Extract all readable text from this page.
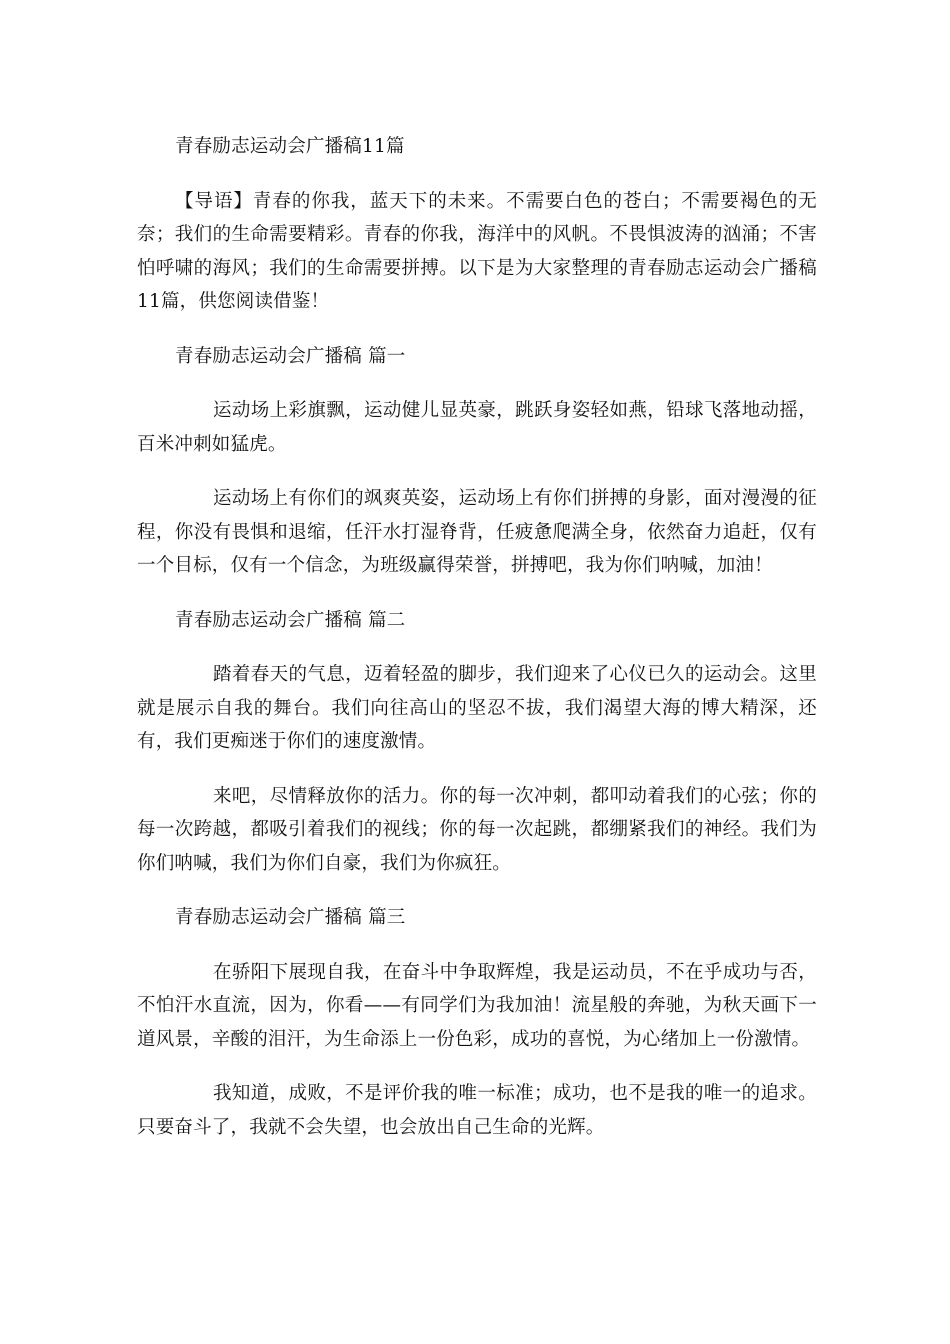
青春励志运动会广播稿11篇

【导语】青春的你我，蓝天下的未来。不需要白色的苍白；不需要褐色的无奈；我们的生命需要精彩。青春的你我，海洋中的风帆。不畏惧波涛的汹涌；不害怕呼啸的海风；我们的生命需要拼搏。以下是为大家整理的青春励志运动会广播稿11篇，供您阅读借鉴！

青春励志运动会广播稿 篇一

运动场上彩旗飘，运动健儿显英豪，跳跃身姿轻如燕，铅球飞落地动摇，百米冲刺如猛虎。

运动场上有你们的飒爽英姿，运动场上有你们拼搏的身影，面对漫漫的征程，你没有畏惧和退缩，任汗水打湿脊背，任疲惫爬满全身，依然奋力追赶，仅有一个目标，仅有一个信念，为班级赢得荣誉，拼搏吧，我为你们呐喊，加油！

青春励志运动会广播稿 篇二

踏着春天的气息，迈着轻盈的脚步，我们迎来了心仪已久的运动会。这里就是展示自我的舞台。我们向往高山的坚忍不拔，我们渴望大海的博大精深，还有，我们更痴迷于你们的速度激情。

来吧，尽情释放你的活力。你的每一次冲刺，都叩动着我们的心弦；你的每一次跨越，都吸引着我们的视线；你的每一次起跳，都绷紧我们的神经。我们为你们呐喊，我们为你们自豪，我们为你疯狂。

青春励志运动会广播稿 篇三

在骄阳下展现自我，在奋斗中争取辉煌，我是运动员，不在乎成功与否，不怕汗水直流，因为，你看——有同学们为我加油！流星般的奔驰，为秋天画下一道风景，辛酸的泪汗，为生命添上一份色彩，成功的喜悦，为心绪加上一份激情。

我知道，成败，不是评价我的唯一标准；成功，也不是我的唯一的追求。只要奋斗了，我就不会失望，也会放出自己生命的光辉。
